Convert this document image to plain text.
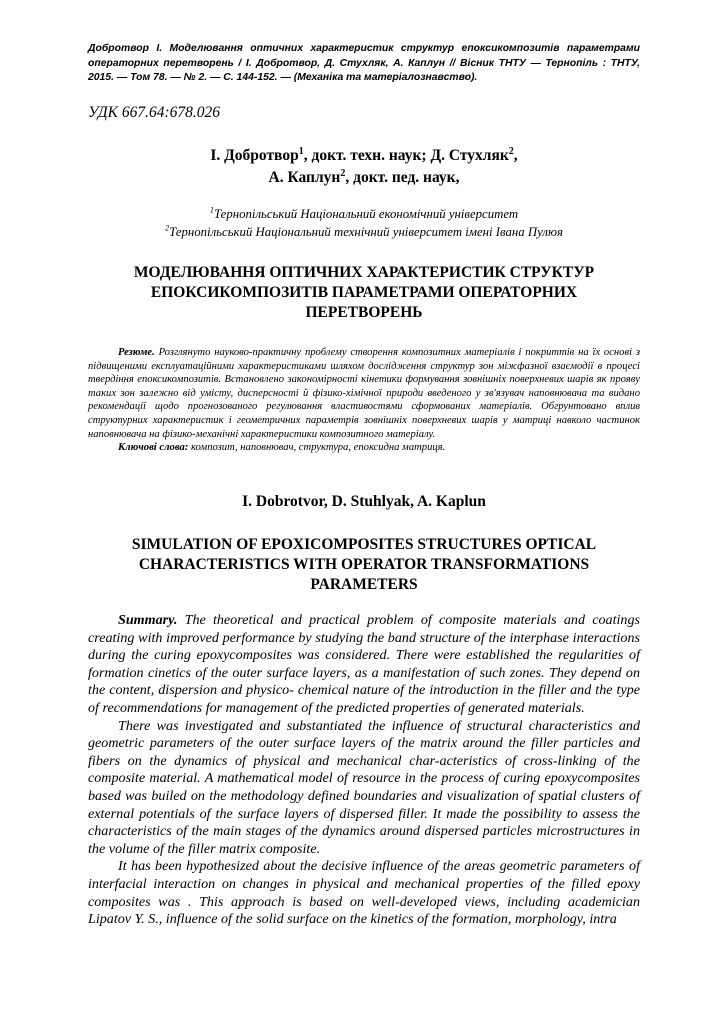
Добротвор І. Моделювання оптичних характеристик структур епоксикомпозитів параметрами операторних перетворень / І. Добротвор, Д. Стухляк, А. Каплун // Вісник ТНТУ — Тернопіль : ТНТУ, 2015. — Том 78. — № 2. — С. 144-152. — (Механіка та матеріалознавство).
УДК 667.64:678.026
І. Добротвор$^1$, докт. техн. наук; Д. Стухляк$^2$,
А. Каплун$^2$, докт. пед. наук,
$^1$Тернопільський Національний економічний університет
$^2$Тернопільський Національний технічний університет імені Івана Пулюя
МОДЕЛЮВАННЯ ОПТИЧНИХ ХАРАКТЕРИСТИК СТРУКТУР
ЕПОКСИКОМПОЗИТІВ ПАРАМЕТРАМИ ОПЕРАТОРНИХ
ПЕРЕТВОРЕНЬ

Резюме. Розглянуто науково-практичну проблему створення композитних матеріалів і покриттів на їх основі з підвищеними експлуатаційними характеристиками шляхом дослідження структур зон міжфазної взаємодії в процесі твердіння епоксикомпозитів. Встановлено закономірності кінетики формування зовнішніх поверхневих шарів як прояву таких зон залежно від умісту, дисперсності й фізико-хімічної природи введеного у зв'язувач наповнювача та видано рекомендації щодо прогнозованого регулювання властивостями сформованих матеріалів. Обгрунтовано вплив структурних характеристик і геометричних параметрів зовнішніх поверхневих шарів у матриці навколо частинок наповнювача на фізико-механічні характеристики композитного матеріалу.

Ключові слова: композит, наповнювач, структура, епоксидна матриця.

I. Dobrotvor, D. Stuhlyak, A. Kaplun
SIMULATION OF EPOXICOMPOSITES STRUCTURES OPTICAL
CHARACTERISTICS WITH OPERATOR TRANSFORMATIONS
PARAMETERS

Summary. The theoretical and practical problem of composite materials and coatings creating with improved performance by studying the band structure of the interphase interactions during the curing epoxycomposites was considered. There were established the regularities of formation cinetics of the outer surface layers, as a manifestation of such zones. They depend on the content, dispersion and physico- chemical nature of the introduction in the filler and the type of recommendations for management of the predicted properties of generated materials.

There was investigated and substantiated the influence of structural characteristics and geometric parameters of the outer surface layers of the matrix around the filler particles and fibers on the dynamics of physical and mechanical char-acteristics of cross-linking of the composite material. A mathematical model of resource in the process of curing epoxycomposites based was builed on the methodology defined boundaries and visualization of spatial clusters of external potentials of the surface layers of dispersed filler. It made the possibility to assess the characteristics of the main stages of the dynamics around dispersed particles microstructures in the volume of the filler matrix composite.

It has been hypothesized about the decisive influence of the areas geometric parameters of interfacial interaction on changes in physical and mechanical properties of the filled epoxy composites was . This approach is based on well-developed views, including academician Lipatov Y. S., influence of the solid surface on the kinetics of the formation, morphology, intra
